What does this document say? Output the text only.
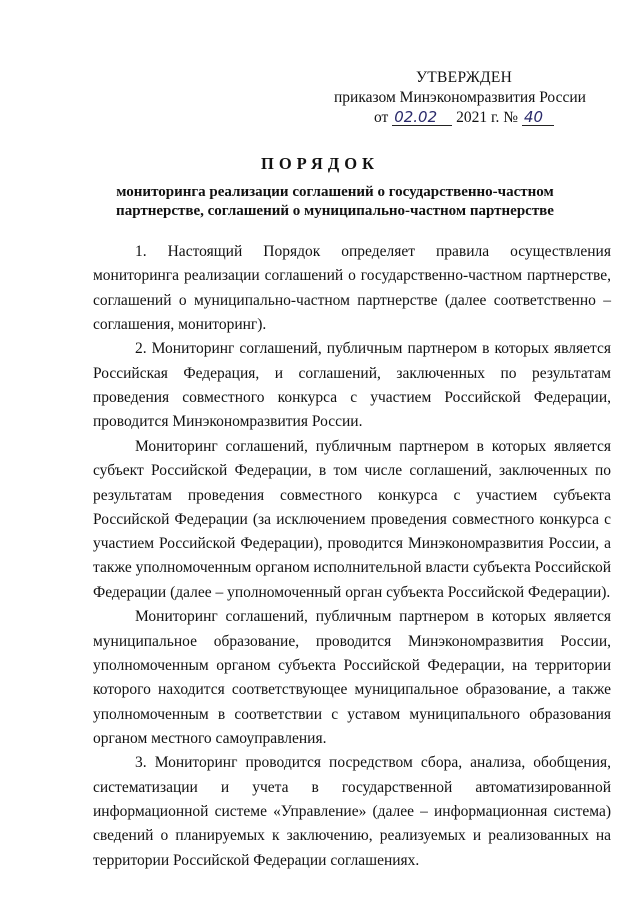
УТВЕРЖДЕН
приказом Минэкономразвития России
от 02.02 2021 г. № 40
ПОРЯДОК
мониторинга реализации соглашений о государственно-частном партнерстве, соглашений о муниципально-частном партнерстве

1. Настоящий Порядок определяет правила осуществления мониторинга реализации соглашений о государственно-частном партнерстве, соглашений о муниципально-частном партнерстве (далее соответственно – соглашения, мониторинг).

2. Мониторинг соглашений, публичным партнером в которых является Российская Федерация, и соглашений, заключенных по результатам проведения совместного конкурса с участием Российской Федерации, проводится Минэкономразвития России.

Мониторинг соглашений, публичным партнером в которых является субъект Российской Федерации, в том числе соглашений, заключенных по результатам проведения совместного конкурса с участием субъекта Российской Федерации (за исключением проведения совместного конкурса с участием Российской Федерации), проводится Минэкономразвития России, а также уполномоченным органом исполнительной власти субъекта Российской Федерации (далее – уполномоченный орган субъекта Российской Федерации).

Мониторинг соглашений, публичным партнером в которых является муниципальное образование, проводится Минэкономразвития России, уполномоченным органом субъекта Российской Федерации, на территории которого находится соответствующее муниципальное образование, а также уполномоченным в соответствии с уставом муниципального образования органом местного самоуправления.

3. Мониторинг проводится посредством сбора, анализа, обобщения, систематизации и учета в государственной автоматизированной информационной системе «Управление» (далее – информационная система) сведений о планируемых к заключению, реализуемых и реализованных на территории Российской Федерации соглашениях.
